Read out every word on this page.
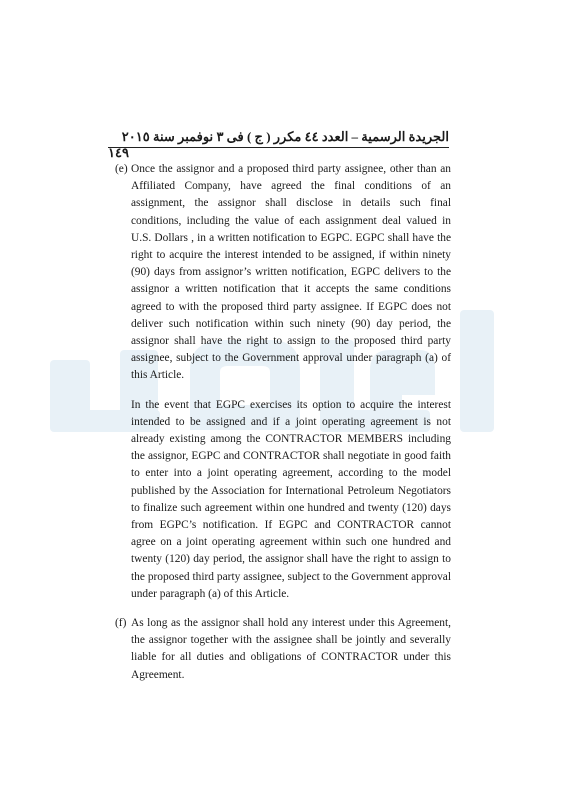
الجريدة الرسمية – العدد ٤٤ مكرر ( ج ) فى ٣ نوفمبر سنة ٢٠١٥
١٤٩
(e) Once the assignor and a proposed third party assignee, other than an Affiliated Company, have agreed the final conditions of an assignment, the assignor shall disclose in details such final conditions, including the value of each assignment deal valued in U.S. Dollars , in a written notification to EGPC. EGPC shall have the right to acquire the interest intended to be assigned, if within ninety (90) days from assignor’s written notification, EGPC delivers to the assignor a written notification that it accepts the same conditions agreed to with the proposed third party assignee. If EGPC does not deliver such notification within such ninety (90) day period, the assignor shall have the right to assign to the proposed third party assignee, subject to the Government approval under paragraph (a) of this Article.

In the event that EGPC exercises its option to acquire the interest intended to be assigned and if a joint operating agreement is not already existing among the CONTRACTOR MEMBERS including the assignor, EGPC and CONTRACTOR shall negotiate in good faith to enter into a joint operating agreement, according to the model published by the Association for International Petroleum Negotiators to finalize such agreement within one hundred and twenty (120) days from EGPC’s notification. If EGPC and CONTRACTOR cannot agree on a joint operating agreement within such one hundred and twenty (120) day period, the assignor shall have the right to assign to the proposed third party assignee, subject to the Government approval under paragraph (a) of this Article.

(f) As long as the assignor shall hold any interest under this Agreement, the assignor together with the assignee shall be jointly and severally liable for all duties and obligations of CONTRACTOR under this Agreement.
